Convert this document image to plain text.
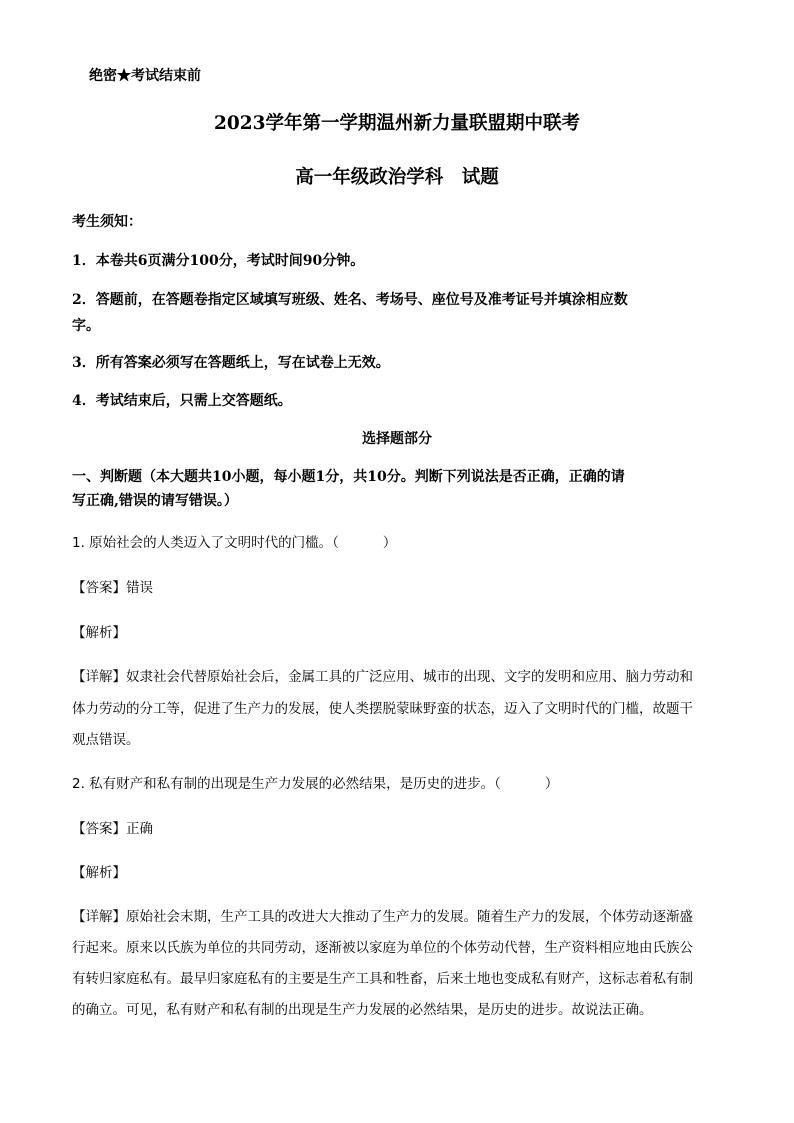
绝密★考试结束前
2023学年第一学期温州新力量联盟期中联考
高一年级政治学科　试题
考生须知：
1．本卷共6页满分100分，考试时间90分钟。
2．答题前，在答题卷指定区域填写班级、姓名、考场号、座位号及准考证号并填涂相应数
字。
3．所有答案必须写在答题纸上，写在试卷上无效。
4．考试结束后，只需上交答题纸。
选择题部分
一、判断题（本大题共10小题，每小题1分，共10分。判断下列说法是否正确，正确的请
写正确,错误的请写错误。）
1. 原始社会的人类迈入了文明时代的门槛。（	）
【答案】错误
【解析】
【详解】奴隶社会代替原始社会后，金属工具的广泛应用、城市的出现、文字的发明和应用、脑力劳动和
体力劳动的分工等，促进了生产力的发展，使人类摆脱蒙昧野蛮的状态，迈入了文明时代的门槛，故题干
观点错误。
2. 私有财产和私有制的出现是生产力发展的必然结果，是历史的进步。（	）
【答案】正确
【解析】
【详解】原始社会末期，生产工具的改进大大推动了生产力的发展。随着生产力的发展，个体劳动逐渐盛
行起来。原来以氏族为单位的共同劳动，逐渐被以家庭为单位的个体劳动代替，生产资料相应地由氏族公
有转归家庭私有。最早归家庭私有的主要是生产工具和牲畜，后来土地也变成私有财产，这标志着私有制
的确立。可见，私有财产和私有制的出现是生产力发展的必然结果，是历史的进步。故说法正确。
